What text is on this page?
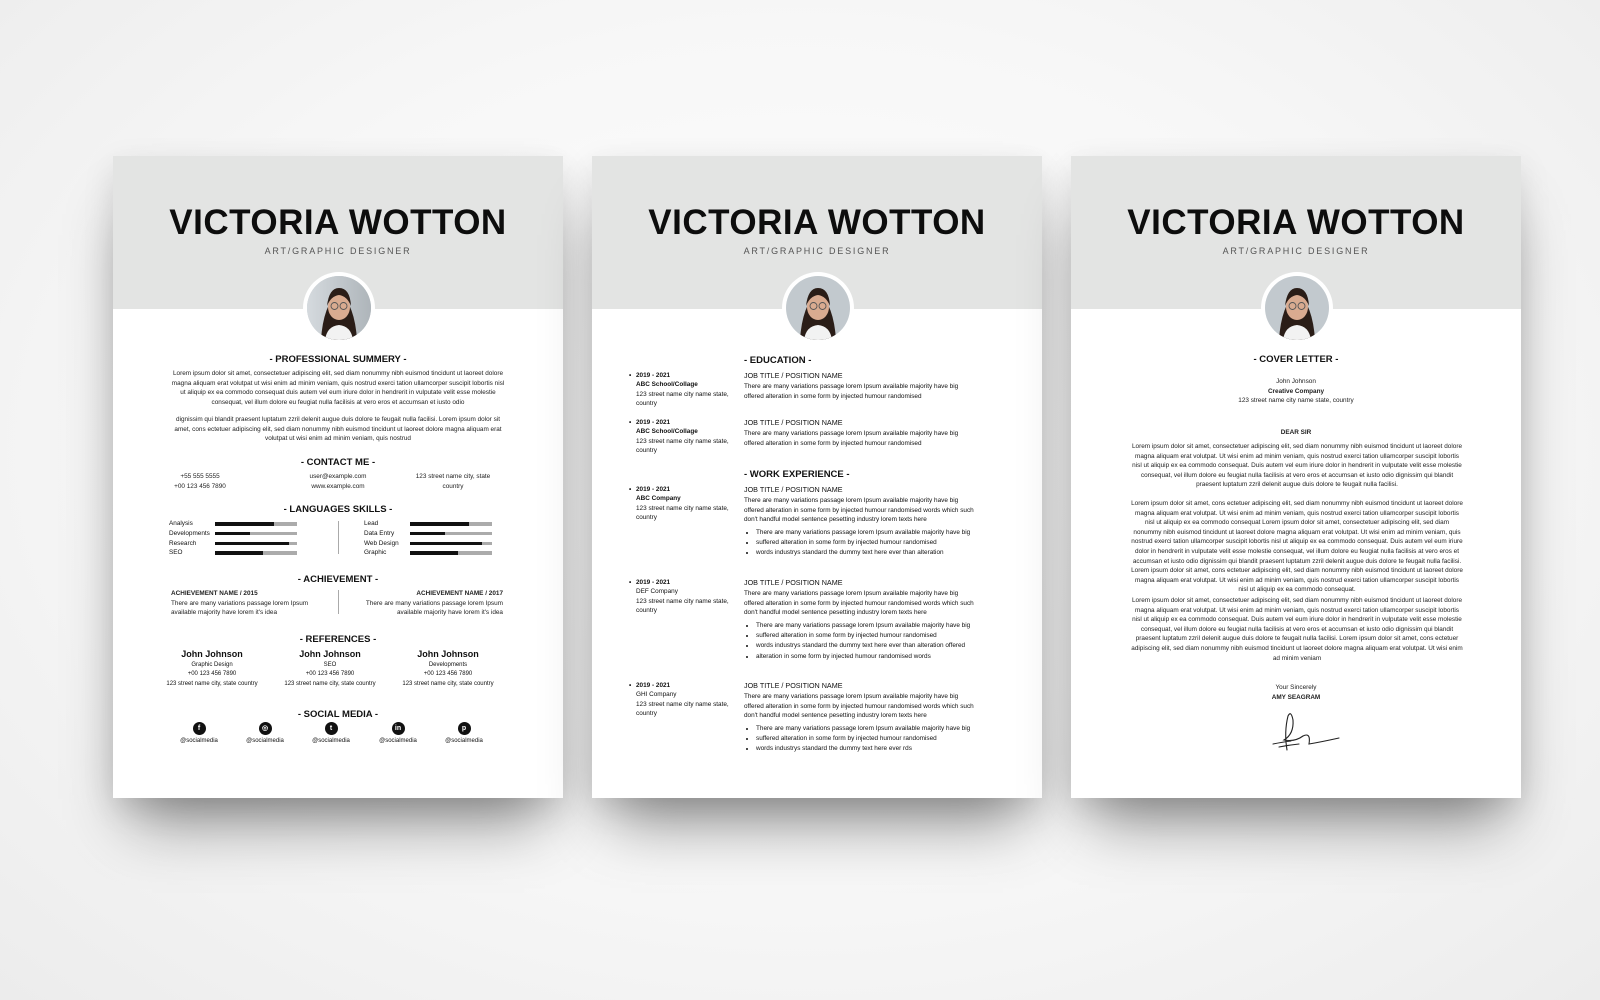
VICTORIA WOTTON
ART/GRAPHIC DESIGNER
- PROFESSIONAL SUMMERY -
Lorem ipsum dolor sit amet, consectetuer adipiscing elit, sed diam nonummy nibh euismod tincidunt ut laoreet dolore magna aliquam erat volutpat ut wisi enim ad minim veniam, quis nostrud exerci tation ullamcorper suscipit lobortis nisl ut aliquip ex ea commodo consequat duis autem vel eum iriure dolor in hendrerit in vulputate velit esse molestie consequat, vel illum dolore eu feugiat nulla facilisis at vero eros et accumsan et iusto odio
dignissim qui blandit praesent luptatum zzril delenit augue duis dolore te feugait nulla facilisi. Lorem ipsum dolor sit amet, cons ectetuer adipiscing elit, sed diam nonummy nibh euismod tincidunt ut laoreet dolore magna aliquam erat volutpat ut wisi enim ad minim veniam, quis nostrud
- CONTACT ME -
+55 555 5555
+00 123 456 7890
user@example.com
www.example.com
123 street name city, state country
- LANGUAGES SKILLS -
Analysis
Developments
Research
SEO
Lead
Data Entry
Web Design
Graphic
- ACHIEVEMENT -
ACHIEVEMENT NAME / 2015
There are many variations passage lorem Ipsum available majority have lorem it's idea
ACHIEVEMENT NAME / 2017
There are many variations passage lorem Ipsum available majority have lorem it's idea
- REFERENCES -
John Johnson
Graphic Design
+00 123 456 7890
123 street name city, state country
John Johnson
SEO
+00 123 456 7890
123 street name city, state country
John Johnson
Developments
+00 123 456 7890
123 street name city, state country
- SOCIAL MEDIA -
f
@socialmedia
◎
@socialmedia
t
@socialmedia
in
@socialmedia
p
@socialmedia
VICTORIA WOTTON
ART/GRAPHIC DESIGNER
- EDUCATION -
• 2019 - 2021
ABC School/Collage
123 street name city name state, country
JOB TITLE / POSITION NAME
There are many variations passage lorem Ipsum available majority have big offered alteration in some form by injected humour randomised
• 2019 - 2021
ABC School/Collage
123 street name city name state, country
JOB TITLE / POSITION NAME
There are many variations passage lorem Ipsum available majority have big offered alteration in some form by injected humour randomised
- WORK EXPERIENCE -
• 2019 - 2021
ABC Company
123 street name city name state, country
JOB TITLE / POSITION NAME
There are many variations passage lorem Ipsum available majority have big offered alteration in some form by injected humour randomised words which such don't handful model sentence pesetting industry lorem texts here
• There are many variations passage lorem Ipsum available majority have big
• suffered alteration in some form by injected humour randomised
• words industrys standard the dummy text here ever than alteration
• 2019 - 2021
DEF Company
123 street name city name state, country
JOB TITLE / POSITION NAME
There are many variations passage lorem Ipsum available majority have big offered alteration in some form by injected humour randomised words which such don't handful model sentence pesetting industry lorem texts here
• There are many variations passage lorem Ipsum available majority have big
• suffered alteration in some form by injected humour randomised
• words industrys standard the dummy text here ever than alteration offered
• alteration in some form by injected humour randomised words
• 2019 - 2021
GHI Company
123 street name city name state, country
JOB TITLE / POSITION NAME
There are many variations passage lorem Ipsum available majority have big offered alteration in some form by injected humour randomised words which such don't handful model sentence pesetting industry lorem texts here
• There are many variations passage lorem Ipsum available majority have big
• suffered alteration in some form by injected humour randomised
• words industrys standard the dummy text here ever rds
VICTORIA WOTTON
ART/GRAPHIC DESIGNER
- COVER LETTER -
John Johnson
Creative Company
123 street name city name state, country
DEAR SIR
Lorem ipsum dolor sit amet, consectetuer adipiscing elit, sed diam nonummy nibh euismod tincidunt ut laoreet dolore magna aliquam erat volutpat. Ut wisi enim ad minim veniam, quis nostrud exerci tation ullamcorper suscipit lobortis nisl ut aliquip ex ea commodo consequat. Duis autem vel eum iriure dolor in hendrerit in vulputate velit esse molestie consequat, vel illum dolore eu feugiat nulla facilisis at vero eros et accumsan et iusto odio dignissim qui blandit praesent luptatum zzril delenit augue duis dolore te feugait nulla facilisi.
Lorem ipsum dolor sit amet, cons ectetuer adipiscing elit, sed diam nonummy nibh euismod tincidunt ut laoreet dolore magna aliquam erat volutpat. Ut wisi enim ad minim veniam, quis nostrud exerci tation ullamcorper suscipit lobortis nisl ut aliquip ex ea commodo consequat Lorem ipsum dolor sit amet, consectetuer adipiscing elit, sed diam nonummy nibh euismod tincidunt ut laoreet dolore magna aliquam erat volutpat. Ut wisi enim ad minim veniam, quis nostrud exerci tation ullamcorper suscipit lobortis nisl ut aliquip ex ea commodo consequat. Duis autem vel eum iriure dolor in hendrerit in vulputate velit esse molestie consequat, vel illum dolore eu feugiat nulla facilisis at vero eros et accumsan et iusto odio dignissim qui blandit praesent luptatum zzril delenit augue duis dolore te feugait nulla facilisi. Lorem ipsum dolor sit amet, cons ectetuer adipiscing elit, sed diam nonummy nibh euismod tincidunt ut laoreet dolore magna aliquam erat volutpat. Ut wisi enim ad minim veniam, quis nostrud exerci tation ullamcorper suscipit lobortis nisl ut aliquip ex ea commodo consequat.
Lorem ipsum dolor sit amet, consectetuer adipiscing elit, sed diam nonummy nibh euismod tincidunt ut laoreet dolore magna aliquam erat volutpat. Ut wisi enim ad minim veniam, quis nostrud exerci tation ullamcorper suscipit lobortis nisl ut aliquip ex ea commodo consequat. Duis autem vel eum iriure dolor in hendrerit in vulputate velit esse molestie consequat, vel illum dolore eu feugiat nulla facilisis at vero eros et accumsan et iusto odio dignissim qui blandit praesent luptatum zzril delenit augue duis dolore te feugait nulla facilisi. Lorem ipsum dolor sit amet, cons ectetuer adipiscing elit, sed diam nonummy nibh euismod tincidunt ut laoreet dolore magna aliquam erat volutpat. Ut wisi enim ad minim veniam
Your Sincerely
AMY SEAGRAM
